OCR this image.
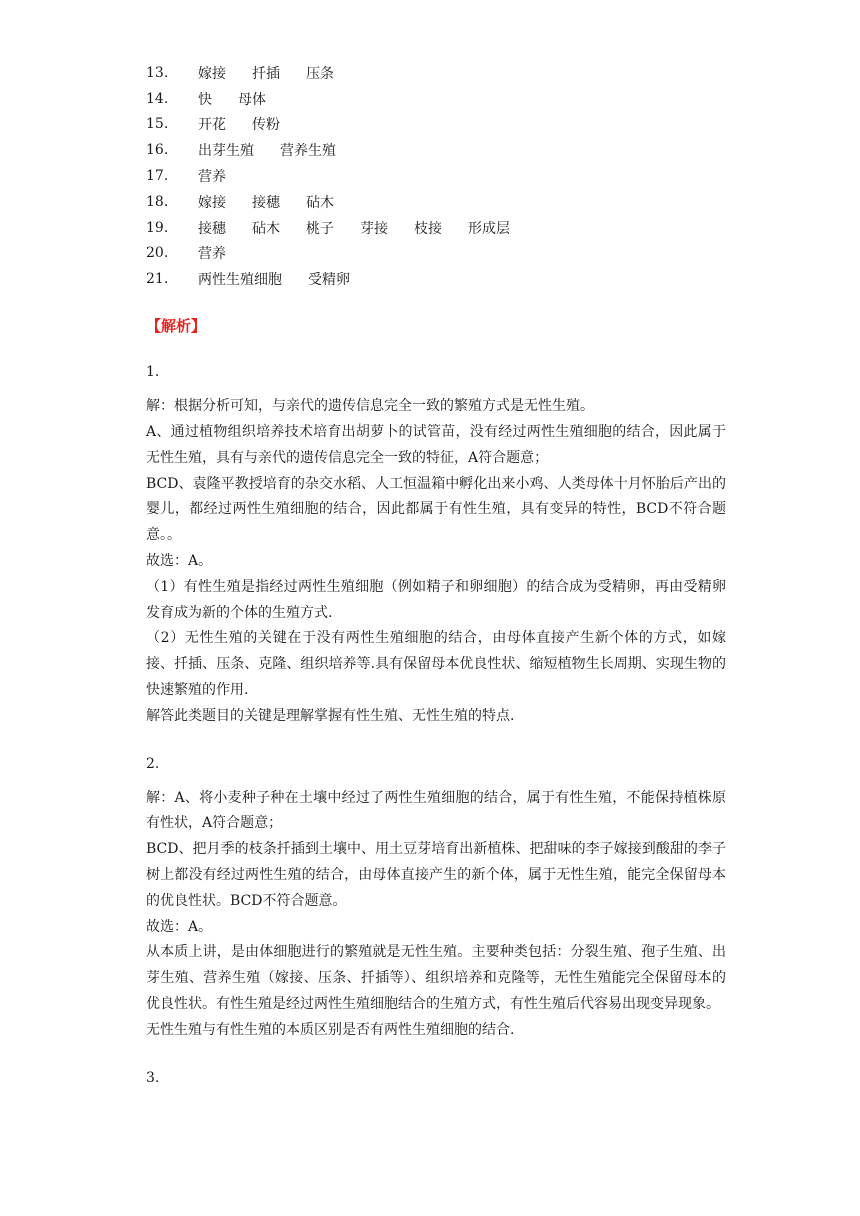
13.	嫁接 扦插 压条
14.	快 母体
15.	开花 传粉
16.	出芽生殖 营养生殖
17.	营养
18.	嫁接 接穗 砧木
19.	接穗 砧木 桃子 芽接 枝接 形成层
20.	营养
21.	两性生殖细胞 受精卵
【解析】
1.

解：根据分析可知，与亲代的遗传信息完全一致的繁殖方式是无性生殖。

A、通过植物组织培养技术培育出胡萝卜的试管苗，没有经过两性生殖细胞的结合，因此属于无性生殖，具有与亲代的遗传信息完全一致的特征，A符合题意；

BCD、袁隆平教授培育的杂交水稻、人工恒温箱中孵化出来小鸡、人类母体十月怀胎后产出的婴儿，都经过两性生殖细胞的结合，因此都属于有性生殖，具有变异的特性，BCD不符合题意。。

故选：A。

（1）有性生殖是指经过两性生殖细胞（例如精子和卵细胞）的结合成为受精卵，再由受精卵发育成为新的个体的生殖方式.

（2）无性生殖的关键在于没有两性生殖细胞的结合，由母体直接产生新个体的方式，如嫁接、扦插、压条、克隆、组织培养等.具有保留母本优良性状、缩短植物生长周期、实现生物的快速繁殖的作用.

解答此类题目的关键是理解掌握有性生殖、无性生殖的特点.

2.

解：A、将小麦种子种在土壤中经过了两性生殖细胞的结合，属于有性生殖，不能保持植株原有性状，A符合题意；

BCD、把月季的枝条扦插到土壤中、用土豆芽培育出新植株、把甜味的李子嫁接到酸甜的李子树上都没有经过两性生殖的结合，由母体直接产生的新个体，属于无性生殖，能完全保留母本的优良性状。BCD不符合题意。

故选：A。

从本质上讲，是由体细胞进行的繁殖就是无性生殖。主要种类包括：分裂生殖、孢子生殖、出芽生殖、营养生殖（嫁接、压条、扦插等）、组织培养和克隆等，无性生殖能完全保留母本的优良性状。有性生殖是经过两性生殖细胞结合的生殖方式，有性生殖后代容易出现变异现象。

无性生殖与有性生殖的本质区别是否有两性生殖细胞的结合.

3.
